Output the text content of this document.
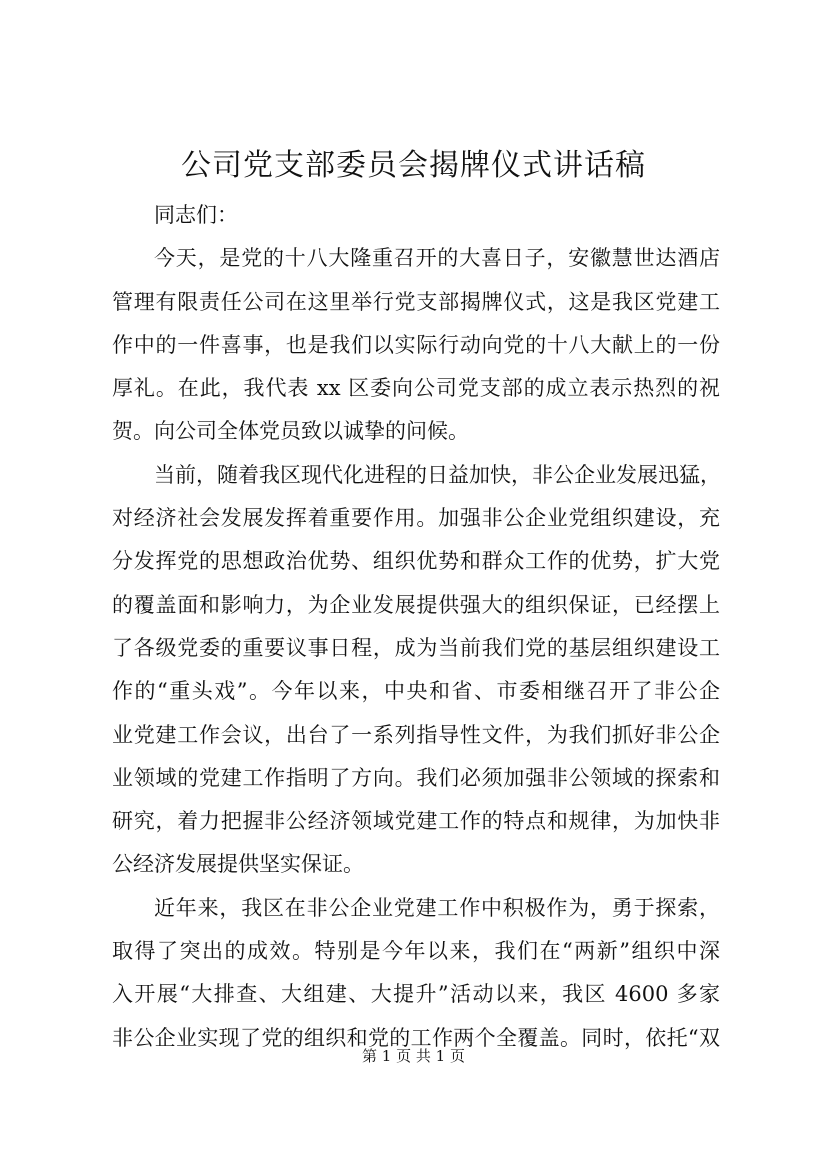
公司党支部委员会揭牌仪式讲话稿
同志们：
今天，是党的十八大隆重召开的大喜日子，安徽慧世达酒店
管理有限责任公司在这里举行党支部揭牌仪式，这是我区党建工
作中的一件喜事，也是我们以实际行动向党的十八大献上的一份
厚礼。在此，我代表 xx 区委向公司党支部的成立表示热烈的祝
贺。向公司全体党员致以诚挚的问候。
当前，随着我区现代化进程的日益加快，非公企业发展迅猛，
对经济社会发展发挥着重要作用。加强非公企业党组织建设，充
分发挥党的思想政治优势、组织优势和群众工作的优势，扩大党
的覆盖面和影响力，为企业发展提供强大的组织保证，已经摆上
了各级党委的重要议事日程，成为当前我们党的基层组织建设工
作的“重头戏”。今年以来，中央和省、市委相继召开了非公企
业党建工作会议，出台了一系列指导性文件，为我们抓好非公企
业领域的党建工作指明了方向。我们必须加强非公领域的探索和
研究，着力把握非公经济领域党建工作的特点和规律，为加快非
公经济发展提供坚实保证。
近年来，我区在非公企业党建工作中积极作为，勇于探索，
取得了突出的成效。特别是今年以来，我们在“两新”组织中深
入开展“大排查、大组建、大提升”活动以来，我区 4600 多家
非公企业实现了党的组织和党的工作两个全覆盖。同时，依托“双
第 1 页 共 1 页
